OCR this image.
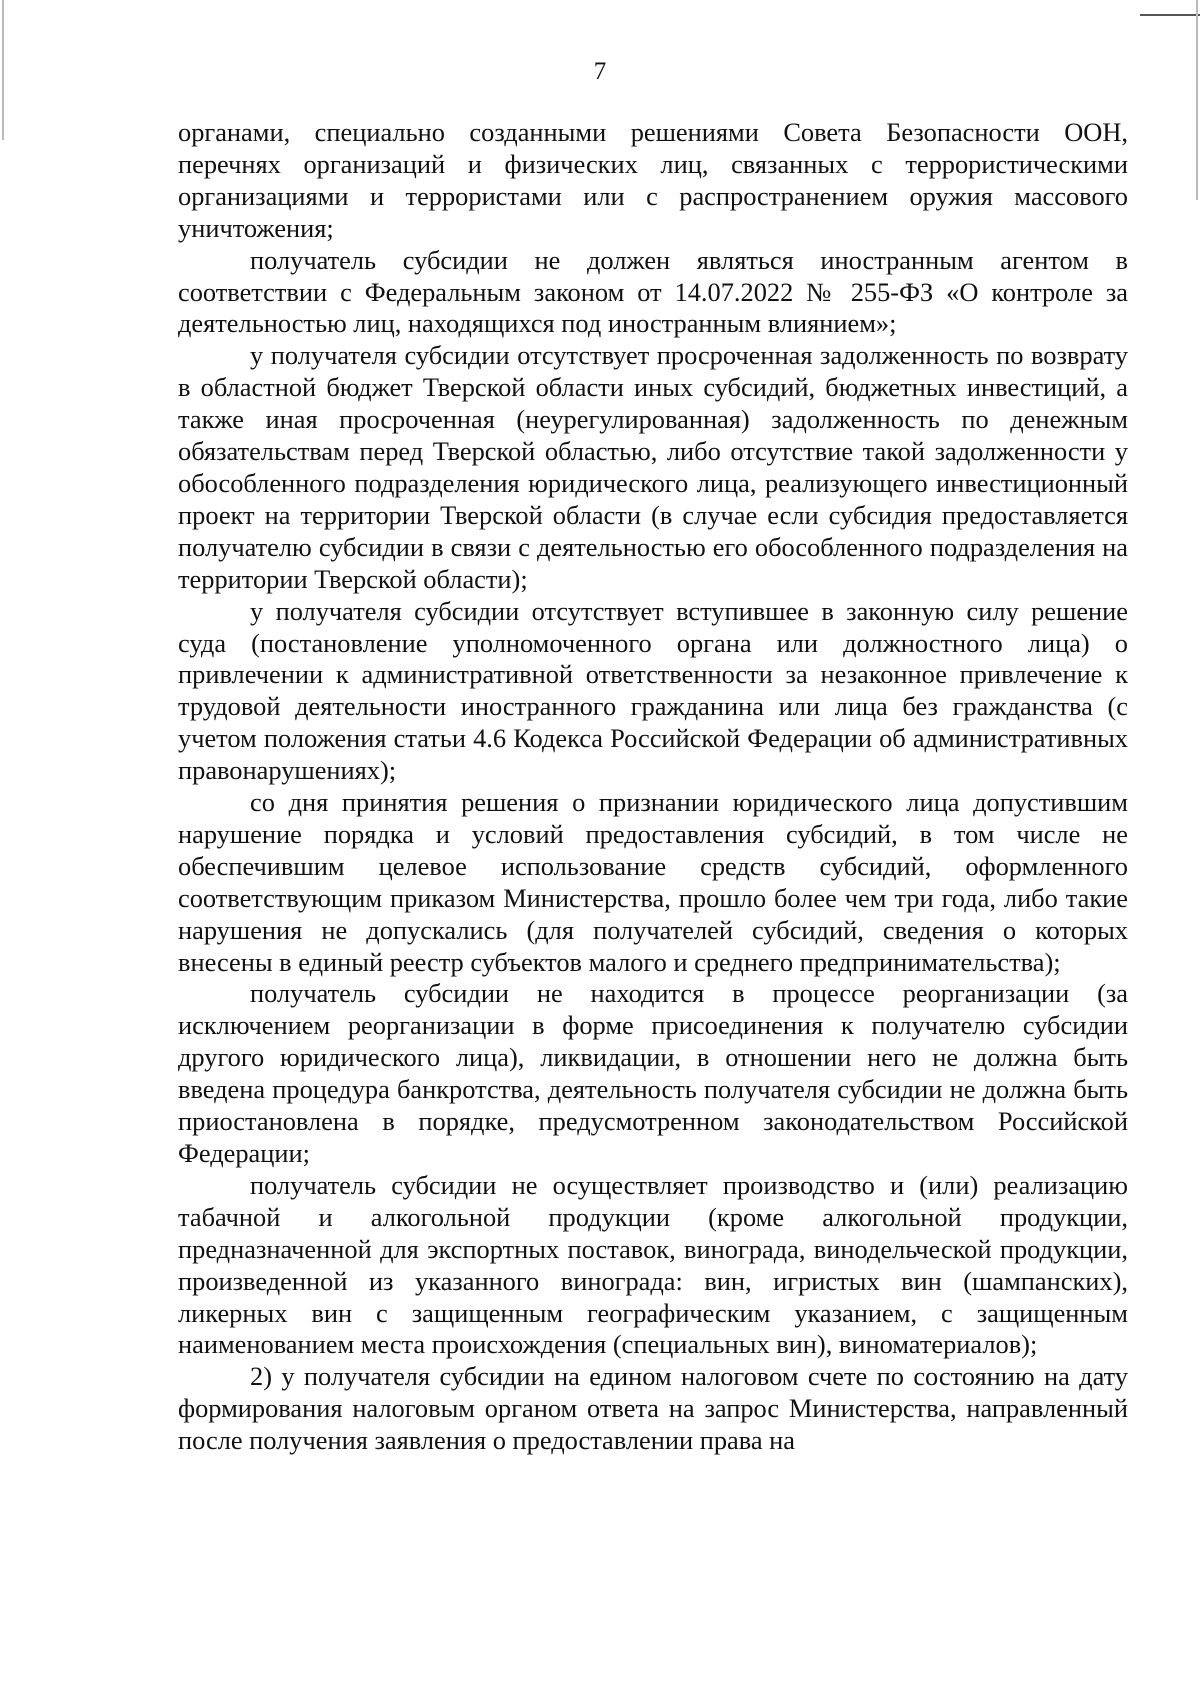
7

органами, специально созданными решениями Совета Безопасности ООН, перечнях организаций и физических лиц, связанных с террористическими организациями и террористами или с распространением оружия массового уничтожения;

получатель субсидии не должен являться иностранным агентом в соответствии с Федеральным законом от 14.07.2022 № 255-ФЗ «О контроле за деятельностью лиц, находящихся под иностранным влиянием»;

у получателя субсидии отсутствует просроченная задолженность по возврату в областной бюджет Тверской области иных субсидий, бюджетных инвестиций, а также иная просроченная (неурегулированная) задолженность по денежным обязательствам перед Тверской областью, либо отсутствие такой задолженности у обособленного подразделения юридического лица, реализующего инвестиционный проект на территории Тверской области (в случае если субсидия предоставляется получателю субсидии в связи с деятельностью его обособленного подразделения на территории Тверской области);

у получателя субсидии отсутствует вступившее в законную силу решение суда (постановление уполномоченного органа или должностного лица) о привлечении к административной ответственности за незаконное привлечение к трудовой деятельности иностранного гражданина или лица без гражданства (с учетом положения статьи 4.6 Кодекса Российской Федерации об административных правонарушениях);

со дня принятия решения о признании юридического лица допустившим нарушение порядка и условий предоставления субсидий, в том числе не обеспечившим целевое использование средств субсидий, оформленного соответствующим приказом Министерства, прошло более чем три года, либо такие нарушения не допускались (для получателей субсидий, сведения о которых внесены в единый реестр субъектов малого и среднего предпринимательства);

получатель субсидии не находится в процессе реорганизации (за исключением реорганизации в форме присоединения к получателю субсидии другого юридического лица), ликвидации, в отношении него не должна быть введена процедура банкротства, деятельность получателя субсидии не должна быть приостановлена в порядке, предусмотренном законодательством Российской Федерации;

получатель субсидии не осуществляет производство и (или) реализацию табачной и алкогольной продукции (кроме алкогольной продукции, предназначенной для экспортных поставок, винограда, винодельческой продукции, произведенной из указанного винограда: вин, игристых вин (шампанских), ликерных вин с защищенным географическим указанием, с защищенным наименованием места происхождения (специальных вин), виноматериалов);

2) у получателя субсидии на едином налоговом счете по состоянию на дату формирования налоговым органом ответа на запрос Министерства, направленный после получения заявления о предоставлении права на
